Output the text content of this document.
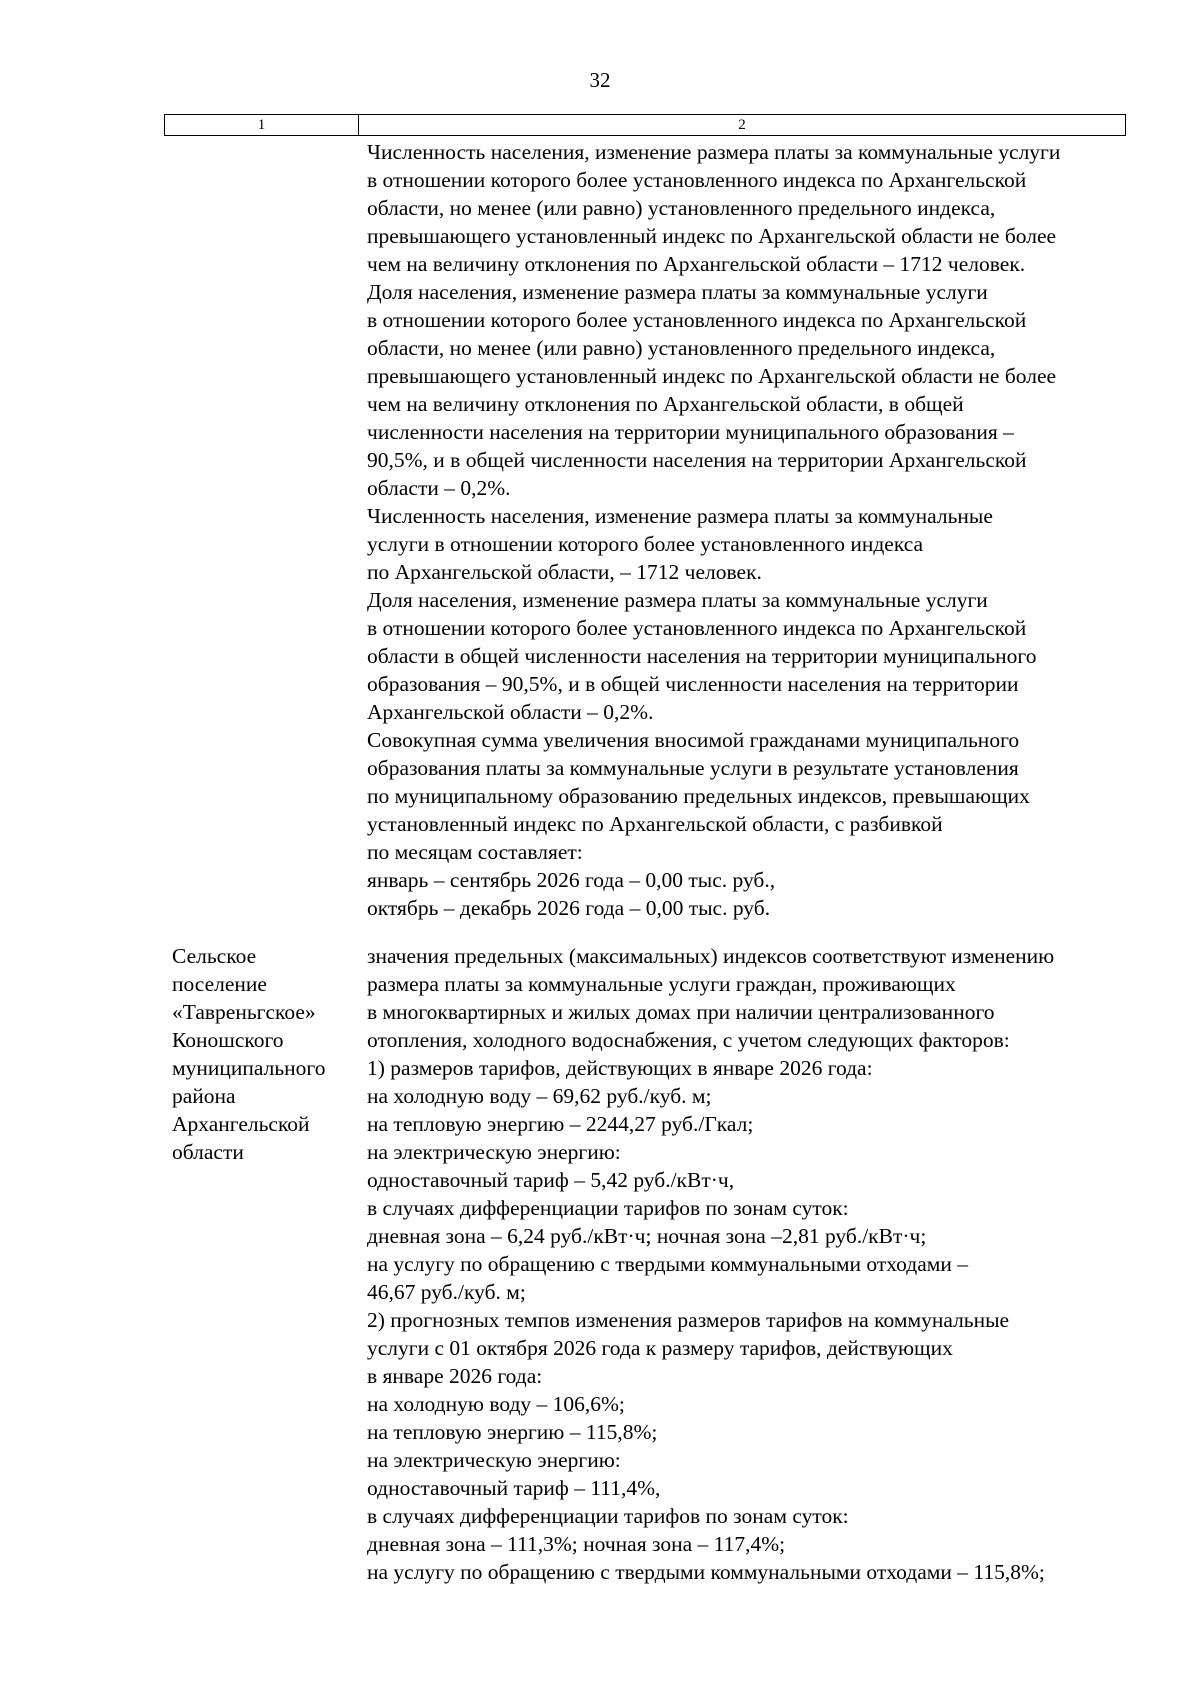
32
1	2
Численность населения, изменение размера платы за коммунальные услуги
в отношении которого более установленного индекса по Архангельской
области, но менее (или равно) установленного предельного индекса,
превышающего установленный индекс по Архангельской области не более
чем на величину отклонения по Архангельской области – 1712 человек.
Доля населения, изменение размера платы за коммунальные услуги
в отношении которого более установленного индекса по Архангельской
области, но менее (или равно) установленного предельного индекса,
превышающего установленный индекс по Архангельской области не более
чем на величину отклонения по Архангельской области, в общей
численности населения на территории муниципального образования –
90,5%, и в общей численности населения на территории Архангельской
области – 0,2%.
Численность населения, изменение размера платы за коммунальные
услуги в отношении которого более установленного индекса
по Архангельской области, – 1712 человек.
Доля населения, изменение размера платы за коммунальные услуги
в отношении которого более установленного индекса по Архангельской
области в общей численности населения на территории муниципального
образования – 90,5%, и в общей численности населения на территории
Архангельской области – 0,2%.
Совокупная сумма увеличения вносимой гражданами муниципального
образования платы за коммунальные услуги в результате установления
по муниципальному образованию предельных индексов, превышающих
установленный индекс по Архангельской области, с разбивкой
по месяцам составляет:
январь – сентябрь 2026 года – 0,00 тыс. руб.,
октябрь – декабрь 2026 года – 0,00 тыс. руб.
Сельское
поселение
«Тавреньгское»
Коношского
муниципального
района
Архангельской
области
значения предельных (максимальных) индексов соответствуют изменению
размера платы за коммунальные услуги граждан, проживающих
в многоквартирных и жилых домах при наличии централизованного
отопления, холодного водоснабжения, с учетом следующих факторов:
1) размеров тарифов, действующих в январе 2026 года:
на холодную воду – 69,62 руб./куб. м;
на тепловую энергию – 2244,27 руб./Гкал;
на электрическую энергию:
одноставочный тариф – 5,42 руб./кВт·ч,
в случаях дифференциации тарифов по зонам суток:
дневная зона – 6,24 руб./кВт·ч; ночная зона –2,81 руб./кВт·ч;
на услугу по обращению с твердыми коммунальными отходами –
46,67 руб./куб. м;
2) прогнозных темпов изменения размеров тарифов на коммунальные
услуги с 01 октября 2026 года к размеру тарифов, действующих
в январе 2026 года:
на холодную воду – 106,6%;
на тепловую энергию – 115,8%;
на электрическую энергию:
одноставочный тариф – 111,4%,
в случаях дифференциации тарифов по зонам суток:
дневная зона – 111,3%; ночная зона – 117,4%;
на услугу по обращению с твердыми коммунальными отходами – 115,8%;
